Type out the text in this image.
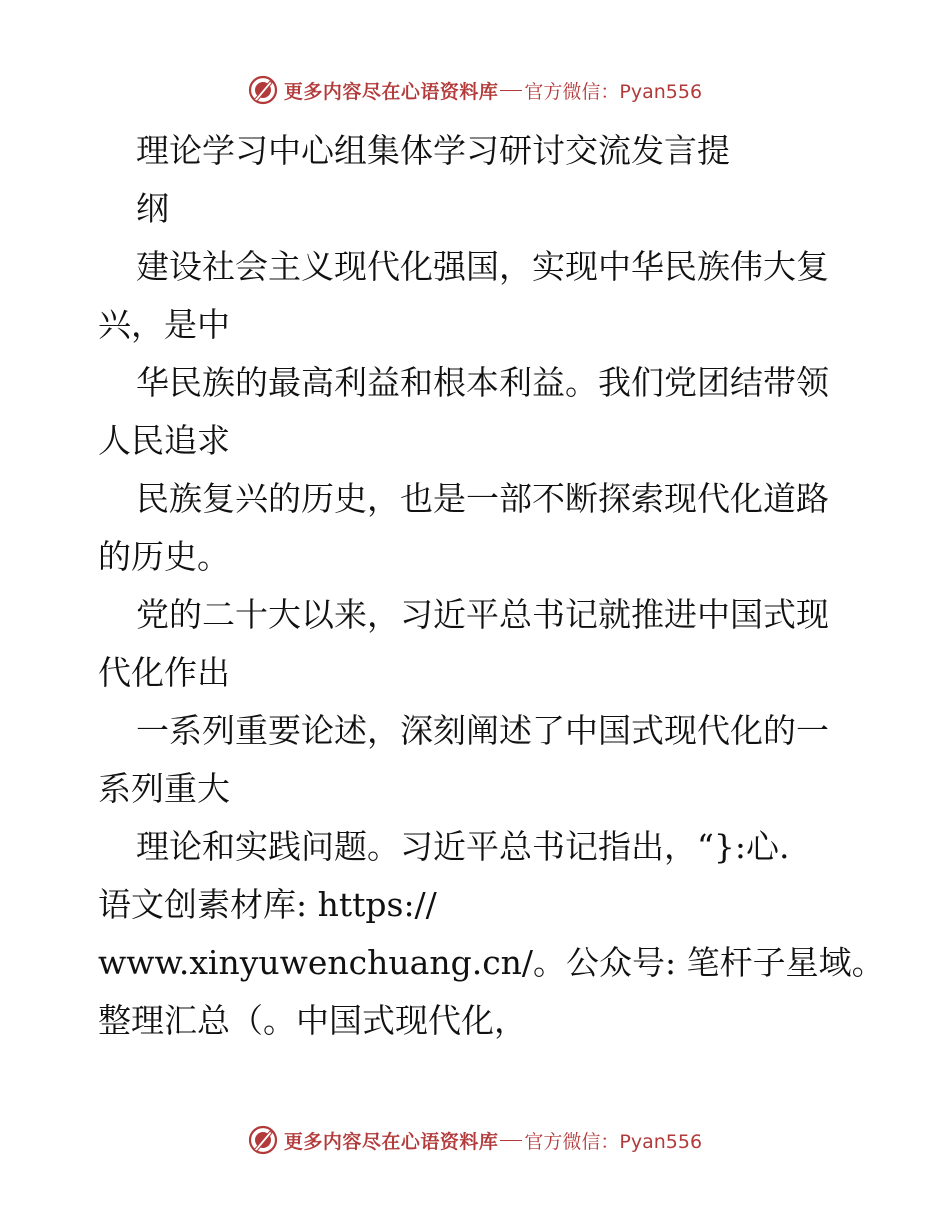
更多内容尽在心语资料库 官方微信：Pyan556
理论学习中心组集体学习研讨交流发言提
纲
建设社会主义现代化强国，实现中华民族伟大复
兴，是中
华民族的最高利益和根本利益。我们党团结带领
人民追求
民族复兴的历史，也是一部不断探索现代化道路
的历史。
党的二十大以来，习近平总书记就推进中国式现
代化作出
一系列重要论述，深刻阐述了中国式现代化的一
系列重大
理论和实践问题。习近平总书记指出，“}:心.
语文创素材库: https://
www.xinyuwenchuang.cn/。公众号: 笔杆子星域。
整理汇总（。中国式现代化，
更多内容尽在心语资料库 官方微信：Pyan556
